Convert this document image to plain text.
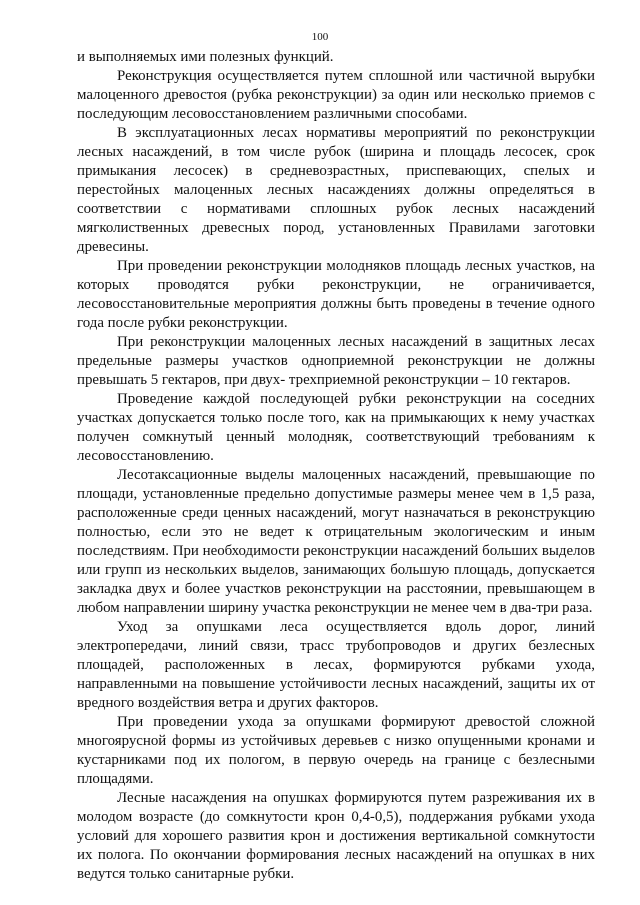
100

и выполняемых ими полезных функций.

Реконструкция осуществляется путем сплошной или частичной вырубки малоценного древостоя (рубка реконструкции) за один или несколько приемов с последующим лесовосстановлением различными способами.

В эксплуатационных лесах нормативы мероприятий по реконструкции лесных насаждений, в том числе рубок (ширина и площадь лесосек, срок примыкания лесосек) в средневозрастных, приспевающих, спелых и перестойных малоценных лесных насаждениях должны определяться в соответствии с нормативами сплошных рубок лесных насаждений мягколиственных древесных пород, установленных Правилами заготовки древесины.

При проведении реконструкции молодняков площадь лесных участков, на которых проводятся рубки реконструкции, не ограничивается, лесовосстановительные мероприятия должны быть проведены в течение одного года после рубки реконструкции.

При реконструкции малоценных лесных насаждений в защитных лесах предельные размеры участков одноприемной реконструкции не должны превышать 5 гектаров, при двух- трехприемной реконструкции – 10 гектаров.

Проведение каждой последующей рубки реконструкции на соседних участках допускается только после того, как на примыкающих к нему участках получен сомкнутый ценный молодняк, соответствующий требованиям к лесовосстановлению.

Лесотаксационные выделы малоценных насаждений, превышающие по площади, установленные предельно допустимые размеры менее чем в 1,5 раза, расположенные среди ценных насаждений, могут назначаться в реконструкцию полностью, если это не ведет к отрицательным экологическим и иным последствиям. При необходимости реконструкции насаждений больших выделов или групп из нескольких выделов, занимающих большую площадь, допускается закладка двух и более участков реконструкции на расстоянии, превышающем в любом направлении ширину участка реконструкции не менее чем в два-три раза.

Уход за опушками леса осуществляется вдоль дорог, линий электропередачи, линий связи, трасс трубопроводов и других безлесных площадей, расположенных в лесах, формируются рубками ухода, направленными на повышение устойчивости лесных насаждений, защиты их от вредного воздействия ветра и других факторов.

При проведении ухода за опушками формируют древостой сложной многоярусной формы из устойчивых деревьев с низко опущенными кронами и кустарниками под их пологом, в первую очередь на границе с безлесными площадями.

Лесные насаждения на опушках формируются путем разреживания их в молодом возрасте (до сомкнутости крон 0,4-0,5), поддержания рубками ухода условий для хорошего развития крон и достижения вертикальной сомкнутости их полога. По окончании формирования лесных насаждений на опушках в них ведутся только санитарные рубки.
